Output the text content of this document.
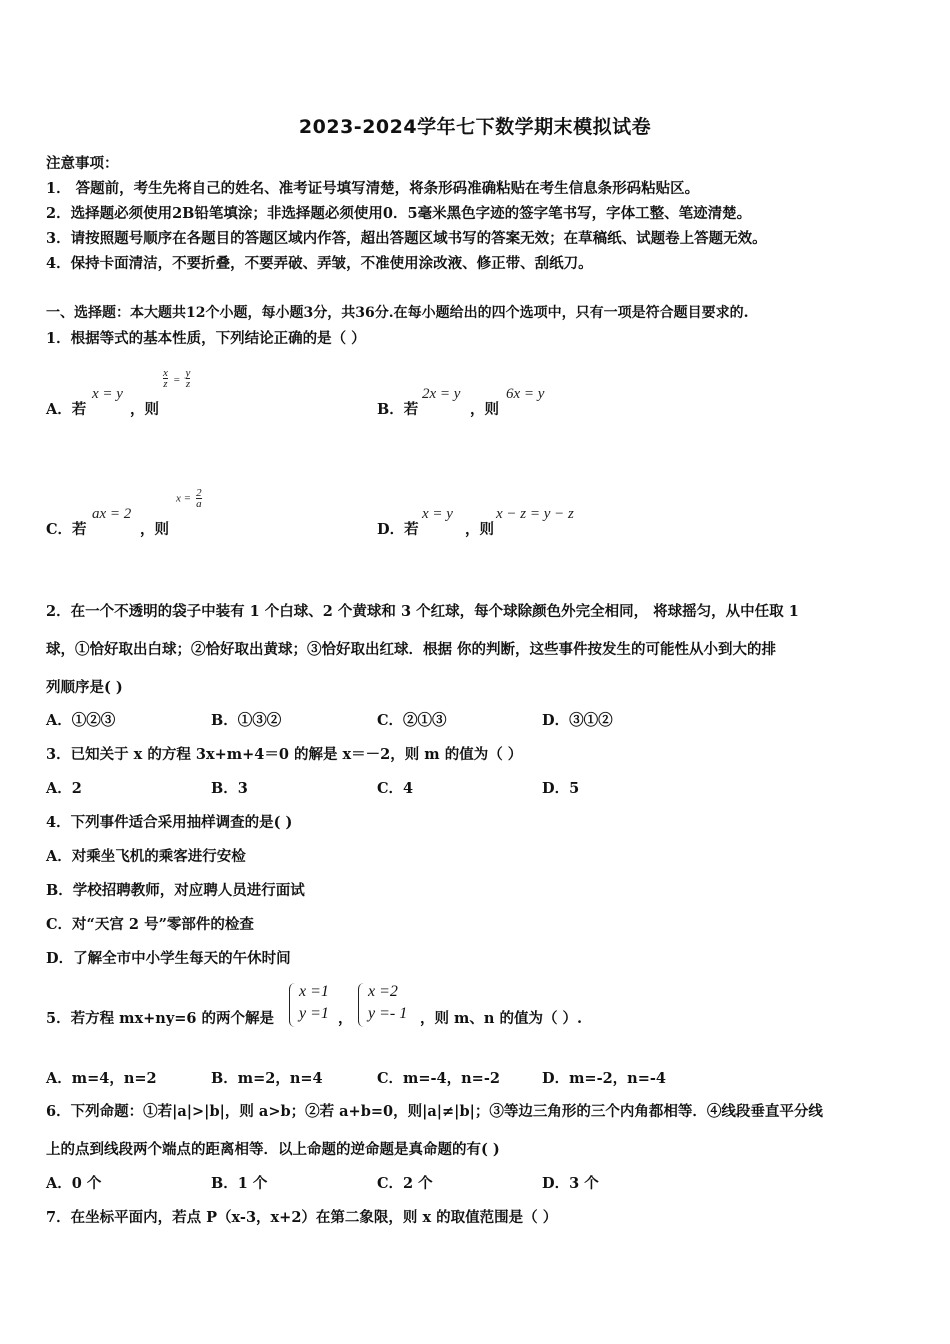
2023-2024学年七下数学期末模拟试卷
注意事项：
1． 答题前，考生先将自己的姓名、准考证号填写清楚，将条形码准确粘贴在考生信息条形码粘贴区。
2．选择题必须使用2B铅笔填涂；非选择题必须使用0．5毫米黑色字迹的签字笔书写，字体工整、笔迹清楚。
3．请按照题号顺序在各题目的答题区域内作答，超出答题区域书写的答案无效；在草稿纸、试题卷上答题无效。
4．保持卡面清洁，不要折叠，不要弄破、弄皱，不准使用涂改液、修正带、刮纸刀。
一、选择题：本大题共12个小题，每小题3分，共36分.在每小题给出的四个选项中，只有一项是符合题目要求的.
1．根据等式的基本性质，下列结论正确的是（ ）
A．若
x = y
，则
$\frac{x}{z} = \frac{y}{z}$
B．若
2x = y
，则
6x = y
C．若
ax = 2
，则
$x = \frac{2}{a}$
D．若
x = y
，则
x − z = y − z
2．在一个不透明的袋子中装有 1 个白球、2 个黄球和 3 个红球，每个球除颜色外完全相同， 将球摇匀，从中任取 1
球，①恰好取出白球；②恰好取出黄球；③恰好取出红球．根据 你的判断，这些事件按发生的可能性从小到大的排
列顺序是( )
A．①②③	B．①③②	C．②①③	D．③①②
3．已知关于 x 的方程 3x+m+4＝0 的解是 x＝－2，则 m 的值为（ ）
A．2	B．3	C．4	D．5
4．下列事件适合采用抽样调查的是( )
A．对乘坐飞机的乘客进行安检
B．学校招聘教师，对应聘人员进行面试
C．对“天宫 2 号”零部件的检查
D．了解全市中小学生每天的午休时间
5．若方程 mx+ny=6 的两个解是
x =1
y =1 ，
x =2
y =- 1 ，则 m、n 的值为（ ）.
A．m=4，n=2	B．m=2，n=4	C．m=-4，n=-2	D．m=-2，n=-4
6．下列命题：①若|a|>|b|，则 a>b；②若 a+b=0，则|a|≠|b|；③等边三角形的三个内角都相等．④线段垂直平分线
上的点到线段两个端点的距离相等．以上命题的逆命题是真命题的有( )
A．0 个	B．1 个	C．2 个	D．3 个
7．在坐标平面内，若点 P（x-3，x+2）在第二象限，则 x 的取值范围是（ ）
